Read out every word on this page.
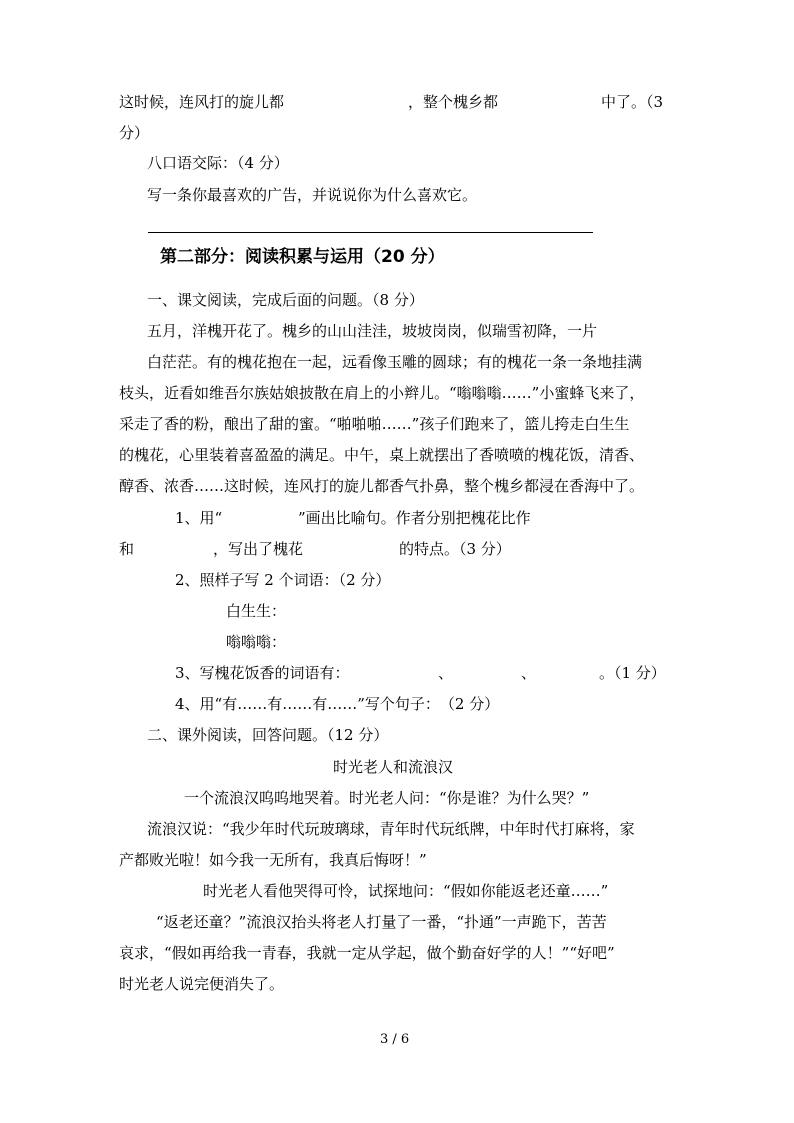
这时候，连风打的旋儿都	，整个槐乡都	中了。（3

分）

八口语交际：（4 分）

写一条你最喜欢的广告，并说说你为什么喜欢它。

第二部分：阅读积累与运用（20 分）

一、课文阅读，完成后面的问题。（8 分）

五月，洋槐开花了。槐乡的山山洼洼，坡坡岗岗，似瑞雪初降，一片

白茫茫。有的槐花抱在一起，远看像玉雕的圆球；有的槐花一条一条地挂满

枝头，近看如维吾尔族姑娘披散在肩上的小辫儿。“嗡嗡嗡……”小蜜蜂飞来了，

采走了香的粉，酿出了甜的蜜。“啪啪啪……”孩子们跑来了，篮儿挎走白生生

的槐花，心里装着喜盈盈的满足。中午，桌上就摆出了香喷喷的槐花饭，清香、

醇香、浓香……这时候，连风打的旋儿都香气扑鼻，整个槐乡都浸在香海中了。

1、用“	”画出比喻句。作者分别把槐花比作

和	，写出了槐花	的特点。（3 分）

2、照样子写 2 个词语：（2 分）

白生生：

嗡嗡嗡：

3、写槐花饭香的词语有：	、	、	。（1 分）

4、用“有……有……有……”写个句子：　（2 分）

二、课外阅读，回答问题。（12 分）

时光老人和流浪汉

一个流浪汉呜呜地哭着。时光老人问：“你是谁？为什么哭？”

流浪汉说：“我少年时代玩玻璃球，青年时代玩纸牌，中年时代打麻将，家

产都败光啦！如今我一无所有，我真后悔呀！”

时光老人看他哭得可怜，试探地问：“假如你能返老还童……”

“返老还童？”流浪汉抬头将老人打量了一番，“扑通”一声跪下，苦苦

哀求，“假如再给我一青春，我就一定从学起，做个勤奋好学的人！”“好吧”

时光老人说完便消失了。

3 / 6
